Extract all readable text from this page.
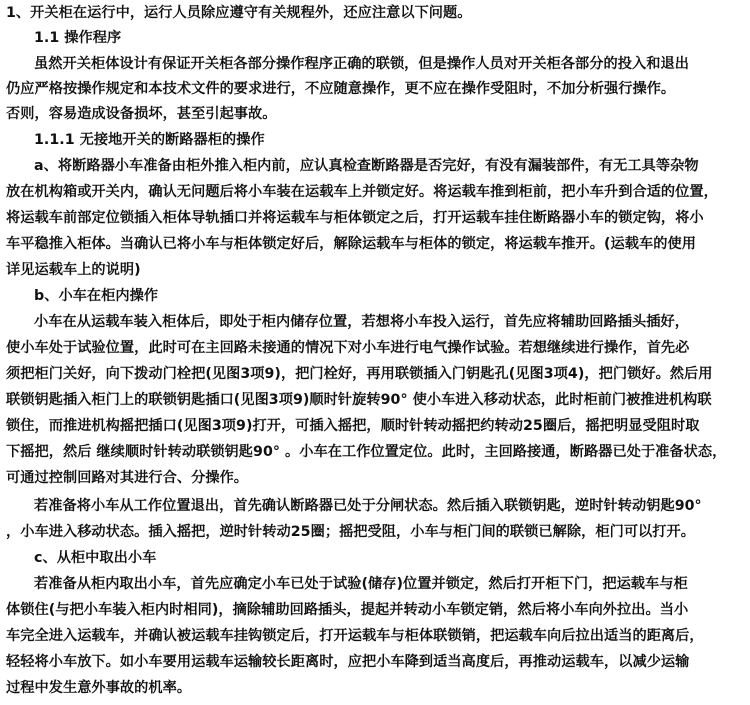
1、开关柜在运行中，运行人员除应遵守有关规程外，还应注意以下问题。
1.1 操作程序
虽然开关柜体设计有保证开关柜各部分操作程序正确的联锁，但是操作人员对开关柜各部分的投入和退出
仍应严格按操作规定和本技术文件的要求进行，不应随意操作，更不应在操作受阻时，不加分析强行操作。
否则，容易造成设备损坏，甚至引起事故。
1.1.1 无接地开关的断路器柜的操作
a、将断路器小车准备由柜外推入柜内前，应认真检查断路器是否完好，有没有漏装部件，有无工具等杂物
放在机构箱或开关内，确认无问题后将小车装在运载车上并锁定好。将运载车推到柜前，把小车升到合适的位置，
将运载车前部定位锁插入柜体导轨插口并将运载车与柜体锁定之后，打开运载车挂住断路器小车的锁定钩，将小
车平稳推入柜体。当确认已将小车与柜体锁定好后，解除运载车与柜体的锁定，将运载车推开。(运载车的使用
详见运载车上的说明)
b、小车在柜内操作
小车在从运载车装入柜体后，即处于柜内储存位置，若想将小车投入运行，首先应将辅助回路插头插好，
使小车处于试验位置，此时可在主回路未接通的情况下对小车进行电气操作试验。若想继续进行操作，首先必
须把柜门关好，向下拨动门栓把(见图3项9)，把门栓好，再用联锁插入门钥匙孔(见图3项4)，把门锁好。然后用
联锁钥匙插入柜门上的联锁钥匙插口(见图3项9)顺时针旋转90° 使小车进入移动状态，此时柜前门被推进机构联
锁住，而推进机构摇把插口(见图3项9)打开，可插入摇把，顺时针转动摇把约转动25圈后，摇把明显受阻时取
下摇把，然后 继续顺时针转动联锁钥匙90° 。小车在工作位置定位。此时，主回路接通，断路器已处于准备状态，
可通过控制回路对其进行合、分操作。
若准备将小车从工作位置退出，首先确认断路器已处于分闸状态。然后插入联锁钥匙，逆时针转动钥匙90°
，小车进入移动状态。插入摇把，逆时针转动25圈；摇把受阻，小车与柜门间的联锁已解除，柜门可以打开。
c、从柜中取出小车
若准备从柜内取出小车，首先应确定小车已处于试验(储存)位置并锁定，然后打开柜下门，把运载车与柜
体锁住(与把小车装入柜内时相同)，摘除辅助回路插头，提起并转动小车锁定销，然后将小车向外拉出。当小
车完全进入运载车，并确认被运载车挂钩锁定后，打开运载车与柜体联锁销，把运载车向后拉出适当的距离后，
轻轻将小车放下。如小车要用运载车运输较长距离时，应把小车降到适当高度后，再推动运载车，以减少运输
过程中发生意外事故的机率。
